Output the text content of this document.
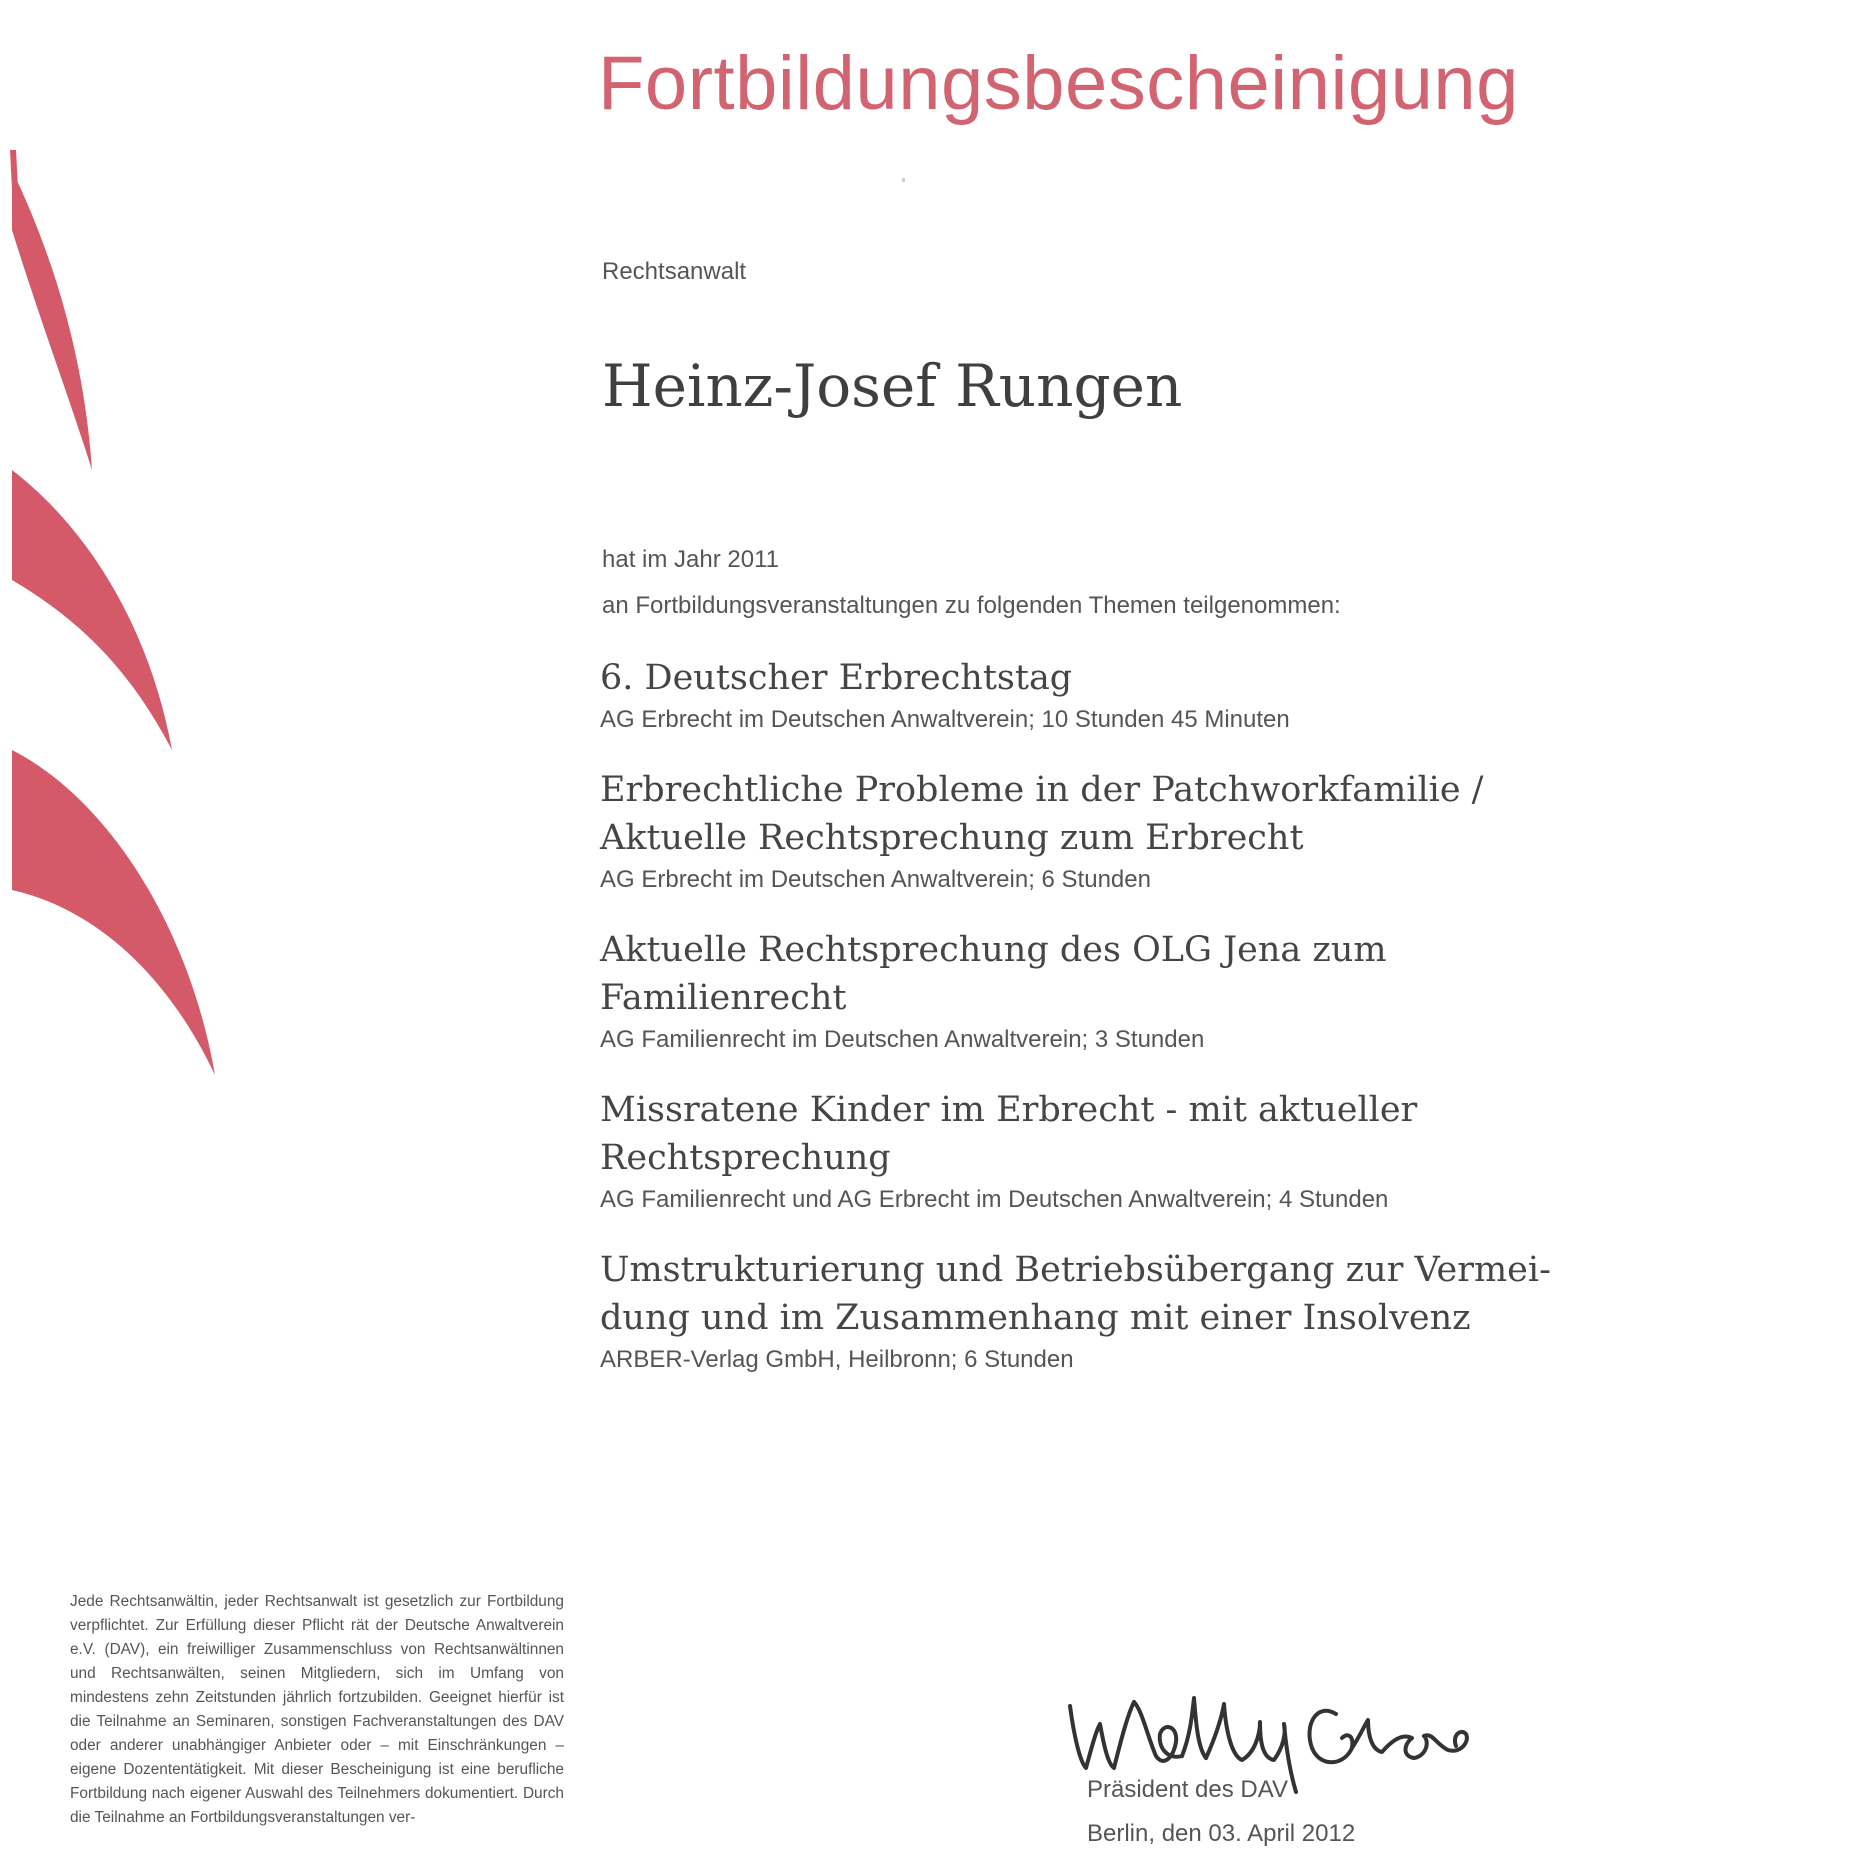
Fortbildungsbescheinigung
Rechtsanwalt
Heinz-Josef Rungen
hat im Jahr 2011
an Fortbildungsveranstaltungen zu folgenden Themen teilgenommen:
6. Deutscher Erbrechtstag
AG Erbrecht im Deutschen Anwaltverein; 10 Stunden 45 Minuten
Erbrechtliche Probleme in der Patchworkfamilie /
Aktuelle Rechtsprechung zum Erbrecht
AG Erbrecht im Deutschen Anwaltverein; 6 Stunden
Aktuelle Rechtsprechung des OLG Jena zum
Familienrecht
AG Familienrecht im Deutschen Anwaltverein; 3 Stunden
Missratene Kinder im Erbrecht - mit aktueller
Rechtsprechung
AG Familienrecht und AG Erbrecht im Deutschen Anwaltverein; 4 Stunden
Umstrukturierung und Betriebsübergang zur Vermei-
dung und im Zusammenhang mit einer Insolvenz
ARBER-Verlag GmbH, Heilbronn; 6 Stunden
Jede Rechtsanwältin, jeder Rechtsanwalt ist gesetzlich zur Fortbildung verpflichtet. Zur Erfüllung dieser Pflicht rät der Deutsche Anwaltverein e.V. (DAV), ein freiwilliger Zusammenschluss von Rechtsanwältinnen und Rechtsanwälten, seinen Mitgliedern, sich im Umfang von mindestens zehn Zeitstunden jährlich fortzubilden. Geeignet hierfür ist die Teilnahme an Seminaren, sonstigen Fachveranstaltungen des DAV oder anderer unabhängiger Anbieter oder – mit Einschränkungen – eigene Dozententätigkeit. Mit dieser Bescheinigung ist eine berufliche Fortbildung nach eigener Auswahl des Teilnehmers dokumentiert. Durch die Teilnahme an Fortbildungsveranstaltungen ver-
Präsident des DAV
Berlin, den 03. April 2012
